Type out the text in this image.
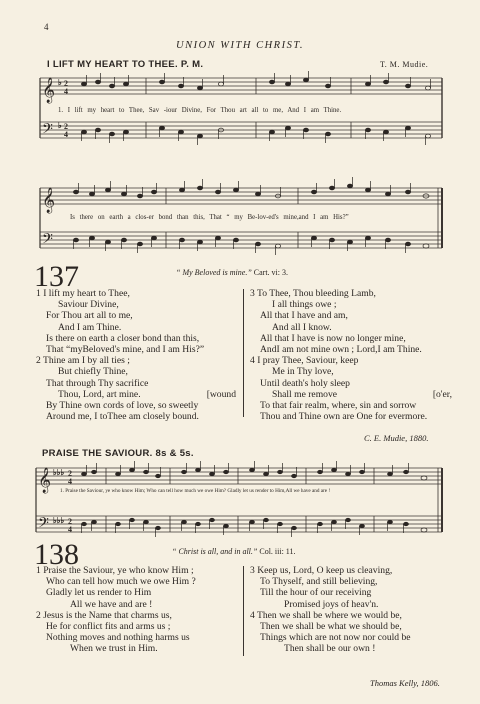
4
UNION WITH CHRIST.
I LIFT MY HEART TO THEE. P. M.	T. M. Mudie.
𝄞
𝄢
♭
♭
2
4
2
4
1. I lift my heart to Thee, Sav -iour Divine, For Thou art all to me, And I am Thine.
𝄞
𝄢
Is there on earth a clos-er bond than this, That “ my Be-lov-ed's mine,and I am His?”
137	“ My Beloved is mine.” Cart. vi: 3.
1 I lift my heart to Thee,
Saviour Divine,
For Thou art all to me,
And I am Thine.
Is there on earth a closer bond than this,
That “myBeloved's mine, and I am His?”
2 Thine am I by all ties ;
But chiefly Thine,
That through Thy sacrifice
Thou, Lord, art mine.	[wound
By Thine own cords of love, so sweetly
Around me, I toThee am closely bound.
3 To Thee, Thou bleeding Lamb,
I all things owe ;
All that I have and am,
And all I know.
All that I have is now no longer mine,
AndI am not mine own ; Lord,I am Thine.
4 I pray Thee, Saviour, keep
Me in Thy love,
Until death's holy sleep
Shall me remove	[o'er,
To that fair realm, where, sin and sorrow
Thou and Thine own are One for evermore.
C. E. Mudie, 1880.
PRAISE THE SAVIOUR. 8s & 5s.
𝄞
𝄢
♭♭♭
♭♭♭
2
4
2
4
1. Praise the Saviour, ye who know Him; Who can tell how much we owe Him? Gladly let us render to Him,All we have and are !
138	“ Christ is all, and in all.” Col. iii: 11.
1 Praise the Saviour, ye who know Him ;
Who can tell how much we owe Him ?
Gladly let us render to Him
All we have and are !
2 Jesus is the Name that charms us,
He for conflict fits and arms us ;
Nothing moves and nothing harms us
When we trust in Him.
3 Keep us, Lord, O keep us cleaving,
To Thyself, and still believing,
Till the hour of our receiving
Promised joys of heav'n.
4 Then we shall be where we would be,
Then we shall be what we should be,
Things which are not now nor could be
Then shall be our own !
Thomas Kelly, 1806.
